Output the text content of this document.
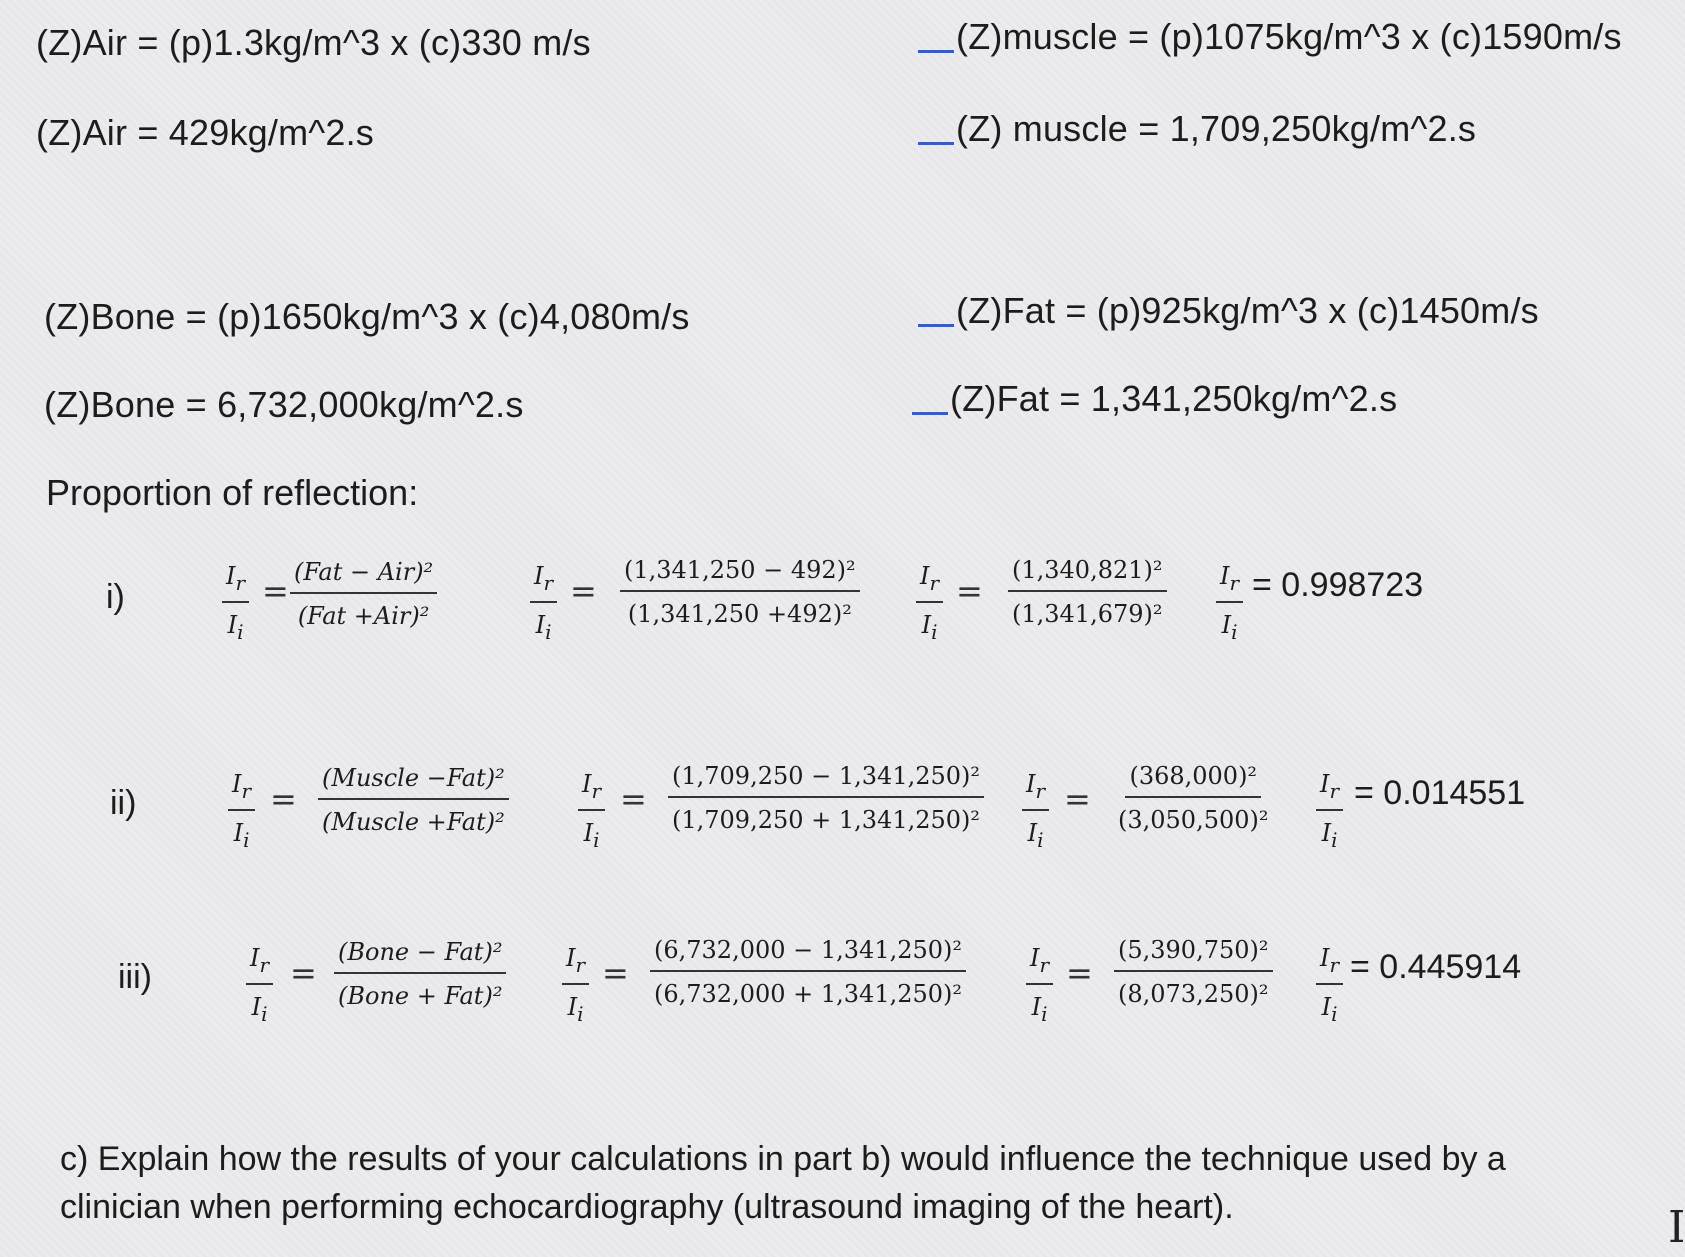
(Z)Air = (p)1.3kg/m^3 x (c)330 m/s
(Z)Air = 429kg/m^2.s
(Z)muscle = (p)1075kg/m^3 x (c)1590m/s
(Z) muscle = 1,709,250kg/m^2.s
(Z)Bone = (p)1650kg/m^3 x (c)4,080m/s
(Z)Bone = 6,732,000kg/m^2.s
(Z)Fat = (p)925kg/m^3 x (c)1450m/s
(Z)Fat = 1,341,250kg/m^2.s
Proportion of reflection:
i)	$\frac{I_r}{I_i} = (Fat - Air)^2$
(Fat +Air)²	$\frac{I_r}{I_i} = \frac{\text{(1,341,250 − 492)²}}{\text{(1,341,250 +492)²}} \frac{I_r}{I_i} = \frac{\text{(1,340,821)²}}{\text{(1,341,679)²}} \frac{I_r}{I_i} = 0.998723$
ii)	$\frac{I_r}{I_i}$ =
(Muscle −Fat)²
(Muscle +Fat)²	$\frac{I_r}{I_i} = \frac{\text{(1,709,250 − 1,341,250)²}}{\text{(1,709,250 + 1,341,250)²}} \frac{I_r}{I_i} = \frac{\text{(368,000)²}}{\text{(3,050,500)²}} \frac{I_r}{I_i} = 0.014551$
iii)	$\frac{I_r}{I_i}$ =
(Bone − Fat)²
(Bone + $Fat)^2 \frac{I_r}{I_i} = \frac{\text{(6,732,000 − 1,341,250)²}}{\text{(6,732,000 + 1,341,250)²}} \frac{I_r}{I_i} = \frac{\text{(5,390,750)²}}{\text{(8,073,250)²}} \frac{I_r}{I_i} = 0.445914$
c) Explain how the results of your calculations in part b) would influence the technique used by a
clinician when performing echocardiography (ultrasound imaging of the heart).	I
